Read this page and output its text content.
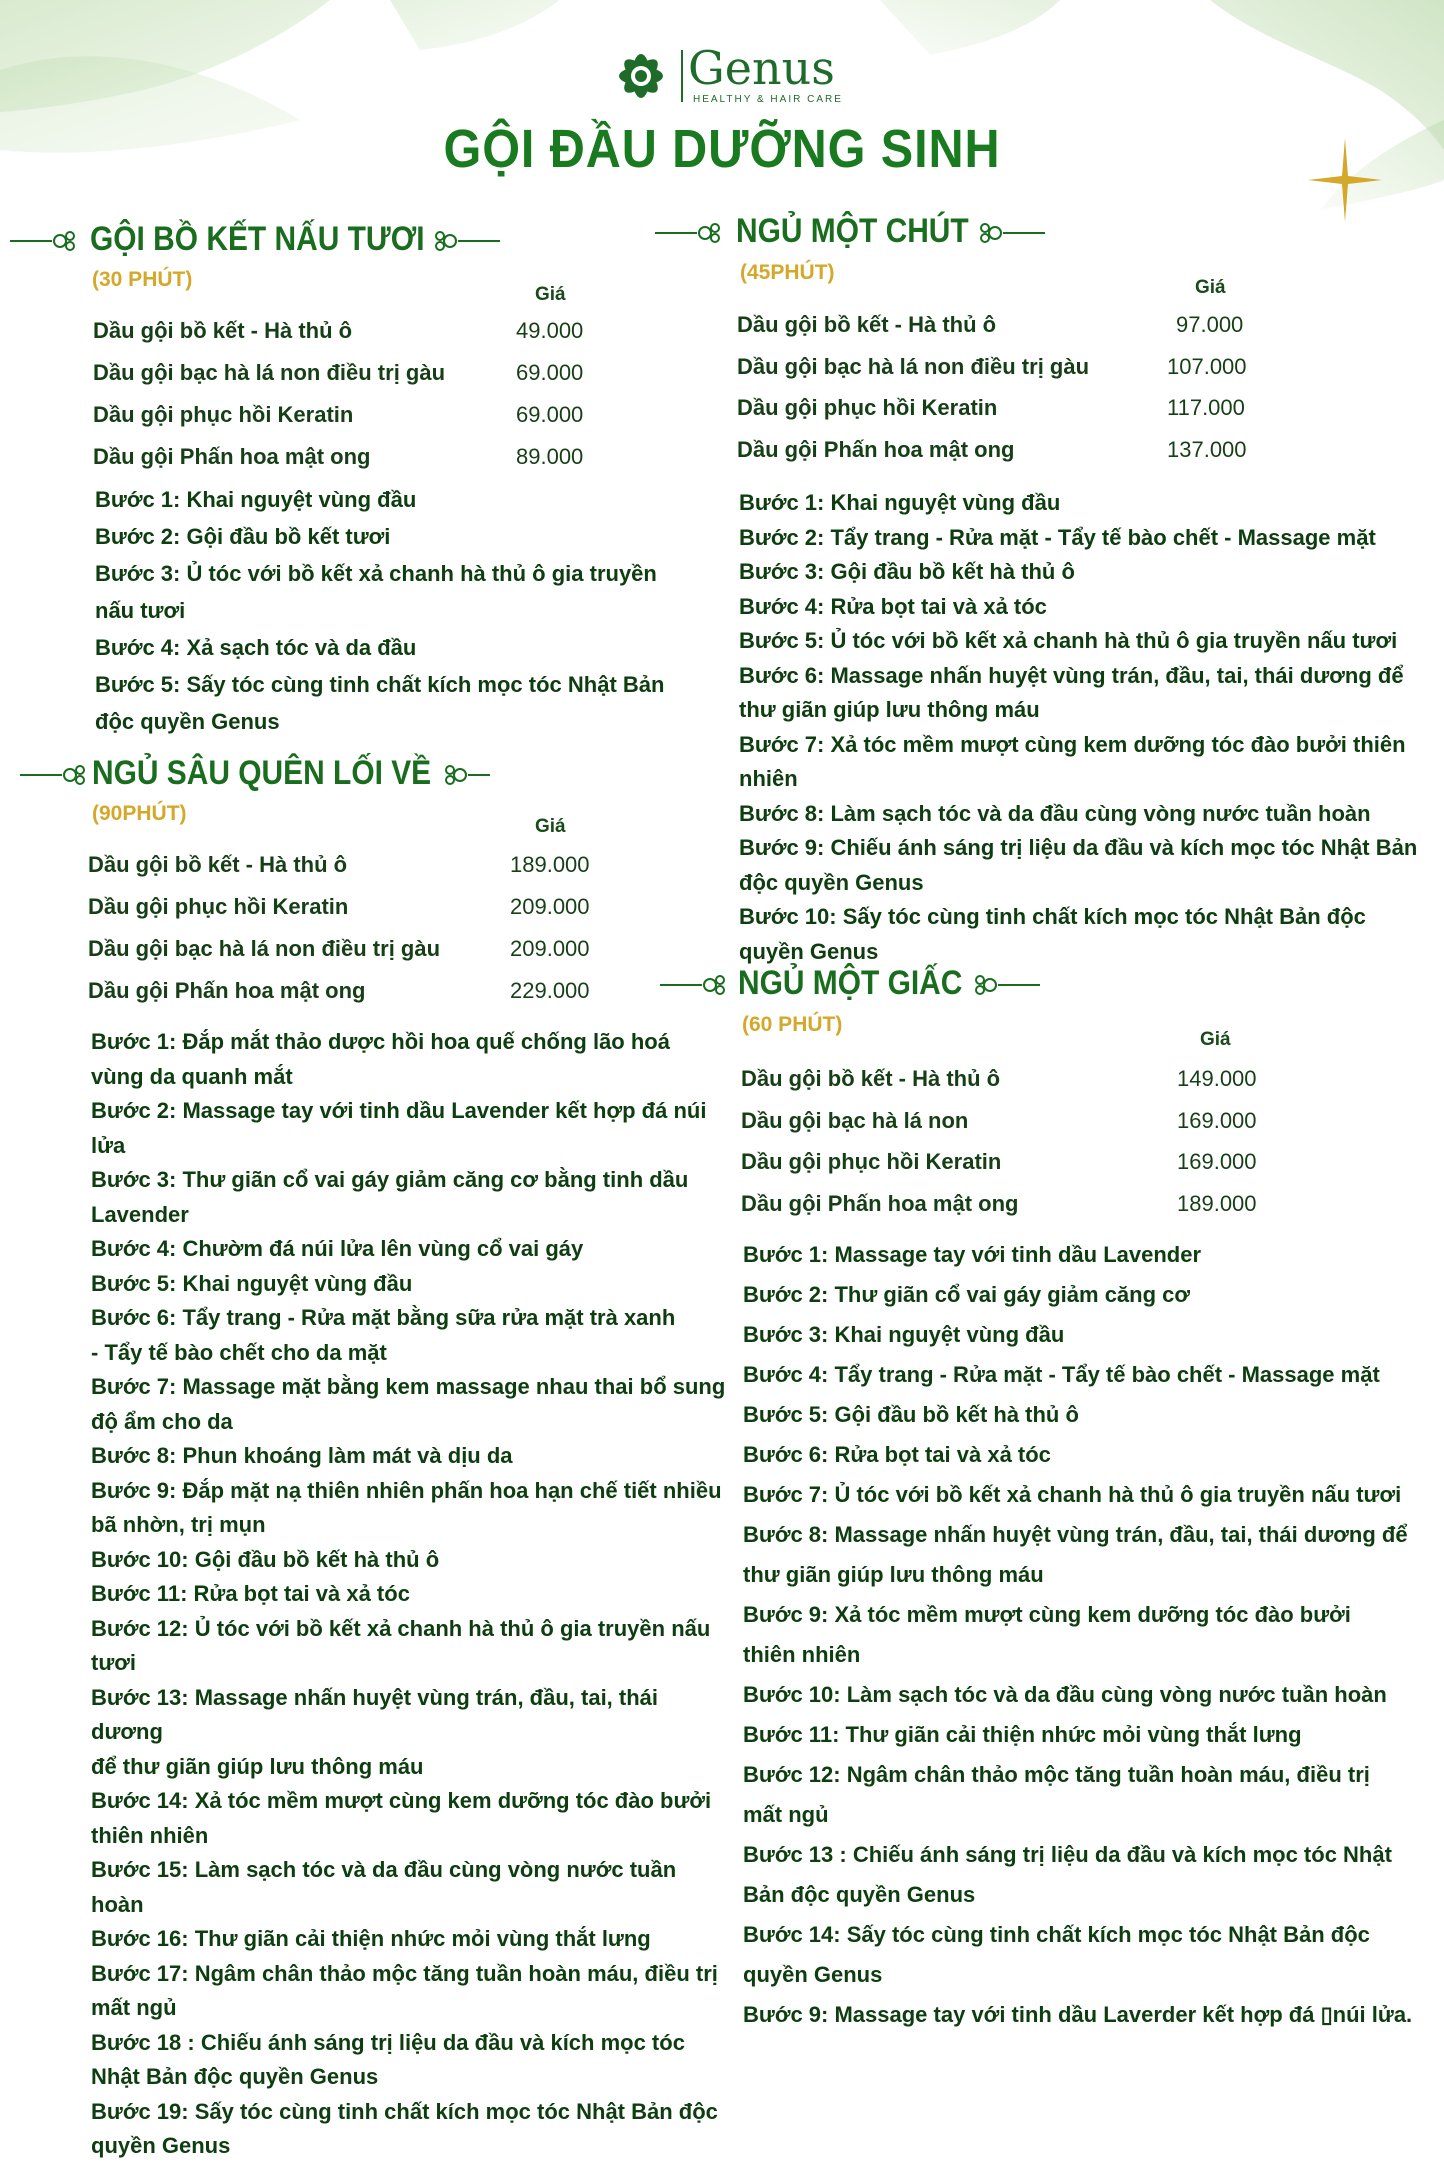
Genus
HEALTHY & HAIR CARE
GỘI ĐẦU DƯỠNG SINH
GỘI BỒ KẾT NẤU TƯƠI
(30 PHÚT)
Giá
Dầu gội bồ kết - Hà thủ ô	49.000
Dầu gội bạc hà lá non điều trị gàu	69.000
Dầu gội phục hồi Keratin	69.000
Dầu gội Phấn hoa mật ong	89.000
Bước 1: Khai nguyệt vùng đầu
Bước 2: Gội đầu bồ kết tươi
Bước 3: Ủ tóc với bồ kết xả chanh hà thủ ô gia truyền
nấu tươi
Bước 4: Xả sạch tóc và da đầu
Bước 5: Sấy tóc cùng tinh chất kích mọc tóc Nhật Bản
độc quyền Genus
NGỦ SÂU QUÊN LỐI VỀ
(90PHÚT)
Giá
Dầu gội bồ kết - Hà thủ ô	189.000
Dầu gội phục hồi Keratin	209.000
Dầu gội bạc hà lá non điều trị gàu	209.000
Dầu gội Phấn hoa mật ong	229.000
Bước 1: Đắp mắt thảo dược hồi hoa quế chống lão hoá
vùng da quanh mắt
Bước 2: Massage tay với tinh dầu Lavender kết hợp đá núi lửa
Bước 3: Thư giãn cổ vai gáy giảm căng cơ bằng tinh dầu
Lavender
Bước 4: Chườm đá núi lửa lên vùng cổ vai gáy
Bước 5: Khai nguyệt vùng đầu
Bước 6: Tẩy trang - Rửa mặt bằng sữa rửa mặt trà xanh
- Tẩy tế bào chết cho da mặt
Bước 7: Massage mặt bằng kem massage nhau thai bổ sung
độ ẩm cho da
Bước 8: Phun khoáng làm mát và dịu da
Bước 9: Đắp mặt nạ thiên nhiên phấn hoa hạn chế tiết nhiều
bã nhờn, trị mụn
Bước 10: Gội đầu bồ kết hà thủ ô
Bước 11: Rửa bọt tai và xả tóc
Bước 12: Ủ tóc với bồ kết xả chanh hà thủ ô gia truyền nấu tươi
Bước 13: Massage nhấn huyệt vùng trán, đầu, tai, thái dương
để thư giãn giúp lưu thông máu
Bước 14: Xả tóc mềm mượt cùng kem dưỡng tóc đào bưởi
thiên nhiên
Bước 15: Làm sạch tóc và da đầu cùng vòng nước tuần hoàn
Bước 16: Thư giãn cải thiện nhức mỏi vùng thắt lưng
Bước 17: Ngâm chân thảo mộc tăng tuần hoàn máu, điều trị
mất ngủ
Bước 18 : Chiếu ánh sáng trị liệu da đầu và kích mọc tóc
Nhật Bản độc quyền Genus
Bước 19: Sấy tóc cùng tinh chất kích mọc tóc Nhật Bản độc
quyền Genus
NGỦ MỘT CHÚT
(45PHÚT)
Giá
Dầu gội bồ kết - Hà thủ ô	97.000
Dầu gội bạc hà lá non điều trị gàu	107.000
Dầu gội phục hồi Keratin	117.000
Dầu gội Phấn hoa mật ong	137.000
Bước 1: Khai nguyệt vùng đầu
Bước 2: Tẩy trang - Rửa mặt - Tẩy tế bào chết - Massage mặt
Bước 3: Gội đầu bồ kết hà thủ ô
Bước 4: Rửa bọt tai và xả tóc
Bước 5: Ủ tóc với bồ kết xả chanh hà thủ ô gia truyền nấu tươi
Bước 6: Massage nhấn huyệt vùng trán, đầu, tai, thái dương để
thư giãn giúp lưu thông máu
Bước 7: Xả tóc mềm mượt cùng kem dưỡng tóc đào bưởi thiên nhiên
Bước 8: Làm sạch tóc và da đầu cùng vòng nước tuần hoàn
Bước 9: Chiếu ánh sáng trị liệu da đầu và kích mọc tóc Nhật Bản
độc quyền Genus
Bước 10: Sấy tóc cùng tinh chất kích mọc tóc Nhật Bản độc
quyền Genus
NGỦ MỘT GIẤC
(60 PHÚT)
Giá
Dầu gội bồ kết - Hà thủ ô	149.000
Dầu gội bạc hà lá non	169.000
Dầu gội phục hồi Keratin	169.000
Dầu gội Phấn hoa mật ong	189.000
Bước 1: Massage tay với tinh dầu Lavender
Bước 2: Thư giãn cổ vai gáy giảm căng cơ
Bước 3: Khai nguyệt vùng đầu
Bước 4: Tẩy trang - Rửa mặt - Tẩy tế bào chết - Massage mặt
Bước 5: Gội đầu bồ kết hà thủ ô
Bước 6: Rửa bọt tai và xả tóc
Bước 7: Ủ tóc với bồ kết xả chanh hà thủ ô gia truyền nấu tươi
Bước 8: Massage nhấn huyệt vùng trán, đầu, tai, thái dương để
thư giãn giúp lưu thông máu
Bước 9: Xả tóc mềm mượt cùng kem dưỡng tóc đào bưởi
thiên nhiên
Bước 10: Làm sạch tóc và da đầu cùng vòng nước tuần hoàn
Bước 11: Thư giãn cải thiện nhức mỏi vùng thắt lưng
Bước 12: Ngâm chân thảo mộc tăng tuần hoàn máu, điều trị
mất ngủ
Bước 13 : Chiếu ánh sáng trị liệu da đầu và kích mọc tóc Nhật
Bản độc quyền Genus
Bước 14: Sấy tóc cùng tinh chất kích mọc tóc Nhật Bản độc
quyền Genus
Bước 9: Massage tay với tinh dầu Laverder kết hợp đá ▯núi lửa.
